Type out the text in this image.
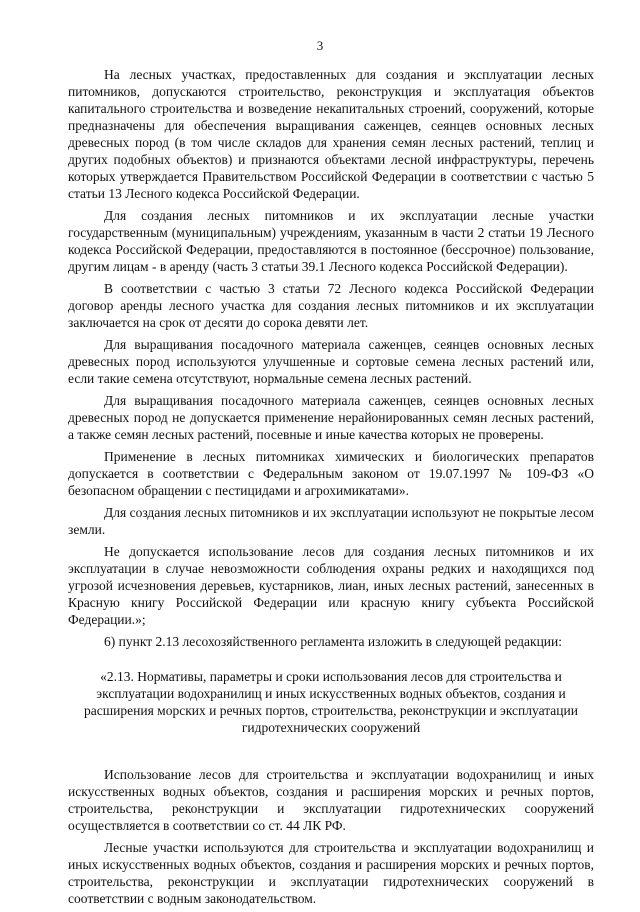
3

На лесных участках, предоставленных для создания и эксплуатации лесных питомников, допускаются строительство, реконструкция и эксплуатация объектов капитального строительства и возведение некапитальных строений, сооружений, которые предназначены для обеспечения выращивания саженцев, сеянцев основных лесных древесных пород (в том числе складов для хранения семян лесных растений, теплиц и других подобных объектов) и признаются объектами лесной инфраструктуры, перечень которых утверждается Правительством Российской Федерации в соответствии с частью 5 статьи 13 Лесного кодекса Российской Федерации.

Для создания лесных питомников и их эксплуатации лесные участки государственным (муниципальным) учреждениям, указанным в части 2 статьи 19 Лесного кодекса Российской Федерации, предоставляются в постоянное (бессрочное) пользование, другим лицам - в аренду (часть 3 статьи 39.1 Лесного кодекса Российской Федерации).

В соответствии с частью 3 статьи 72 Лесного кодекса Российской Федерации договор аренды лесного участка для создания лесных питомников и их эксплуатации заключается на срок от десяти до сорока девяти лет.

Для выращивания посадочного материала саженцев, сеянцев основных лесных древесных пород используются улучшенные и сортовые семена лесных растений или, если такие семена отсутствуют, нормальные семена лесных растений.

Для выращивания посадочного материала саженцев, сеянцев основных лесных древесных пород не допускается применение нерайонированных семян лесных растений, а также семян лесных растений, посевные и иные качества которых не проверены.

Применение в лесных питомниках химических и биологических препаратов допускается в соответствии с Федеральным законом от 19.07.1997 № 109-ФЗ «О безопасном обращении с пестицидами и агрохимикатами».

Для создания лесных питомников и их эксплуатации используют не покрытые лесом земли.

Не допускается использование лесов для создания лесных питомников и их эксплуатации в случае невозможности соблюдения охраны редких и находящихся под угрозой исчезновения деревьев, кустарников, лиан, иных лесных растений, занесенных в Красную книгу Российской Федерации или красную книгу субъекта Российской Федерации.»;

6) пункт 2.13 лесохозяйственного регламента изложить в следующей редакции:

«2.13. Нормативы, параметры и сроки использования лесов для строительства и эксплуатации водохранилищ и иных искусственных водных объектов, создания и расширения морских и речных портов, строительства, реконструкции и эксплуатации гидротехнических сооружений

Использование лесов для строительства и эксплуатации водохранилищ и иных искусственных водных объектов, создания и расширения морских и речных портов, строительства, реконструкции и эксплуатации гидротехнических сооружений осуществляется в соответствии со ст. 44 ЛК РФ.

Лесные участки используются для строительства и эксплуатации водохранилищ и иных искусственных водных объектов, создания и расширения морских и речных портов, строительства, реконструкции и эксплуатации гидротехнических сооружений в соответствии с водным законодательством.
